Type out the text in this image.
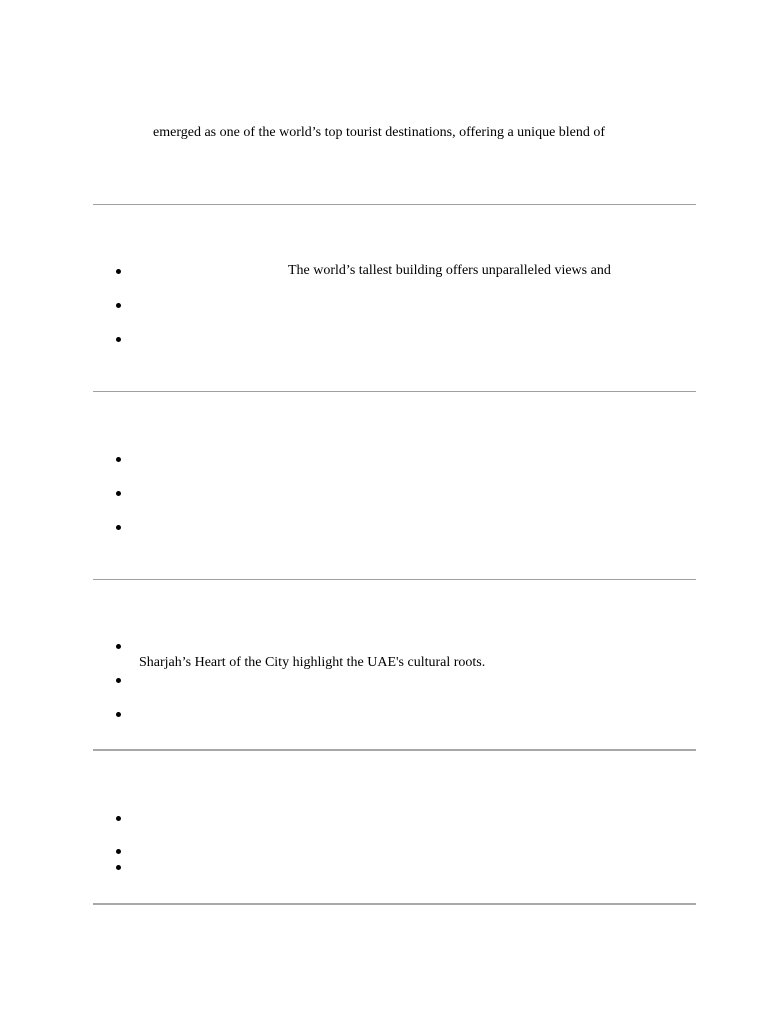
emerged as one of the world’s top tourist destinations, offering a unique blend of
The world’s tallest building offers unparalleled views and
Sharjah’s Heart of the City highlight the UAE's cultural roots.
